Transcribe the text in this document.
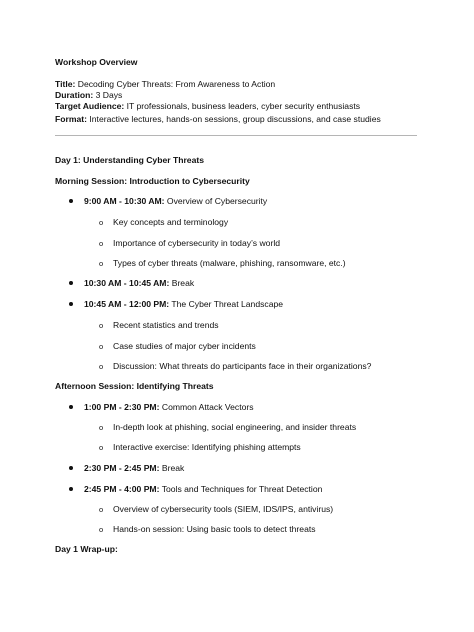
Workshop Overview
Title: Decoding Cyber Threats: From Awareness to Action
Duration: 3 Days
Target Audience: IT professionals, business leaders, cyber security enthusiasts
Format: Interactive lectures, hands-on sessions, group discussions, and case studies
Day 1: Understanding Cyber Threats
Morning Session: Introduction to Cybersecurity
9:00 AM - 10:30 AM: Overview of Cybersecurity
o Key concepts and terminology
o Importance of cybersecurity in today’s world
o Types of cyber threats (malware, phishing, ransomware, etc.)
10:30 AM - 10:45 AM: Break
10:45 AM - 12:00 PM: The Cyber Threat Landscape
o Recent statistics and trends
o Case studies of major cyber incidents
o Discussion: What threats do participants face in their organizations?
Afternoon Session: Identifying Threats
1:00 PM - 2:30 PM: Common Attack Vectors
o In-depth look at phishing, social engineering, and insider threats
o Interactive exercise: Identifying phishing attempts
2:30 PM - 2:45 PM: Break
2:45 PM - 4:00 PM: Tools and Techniques for Threat Detection
o Overview of cybersecurity tools (SIEM, IDS/IPS, antivirus)
o Hands-on session: Using basic tools to detect threats
Day 1 Wrap-up:
